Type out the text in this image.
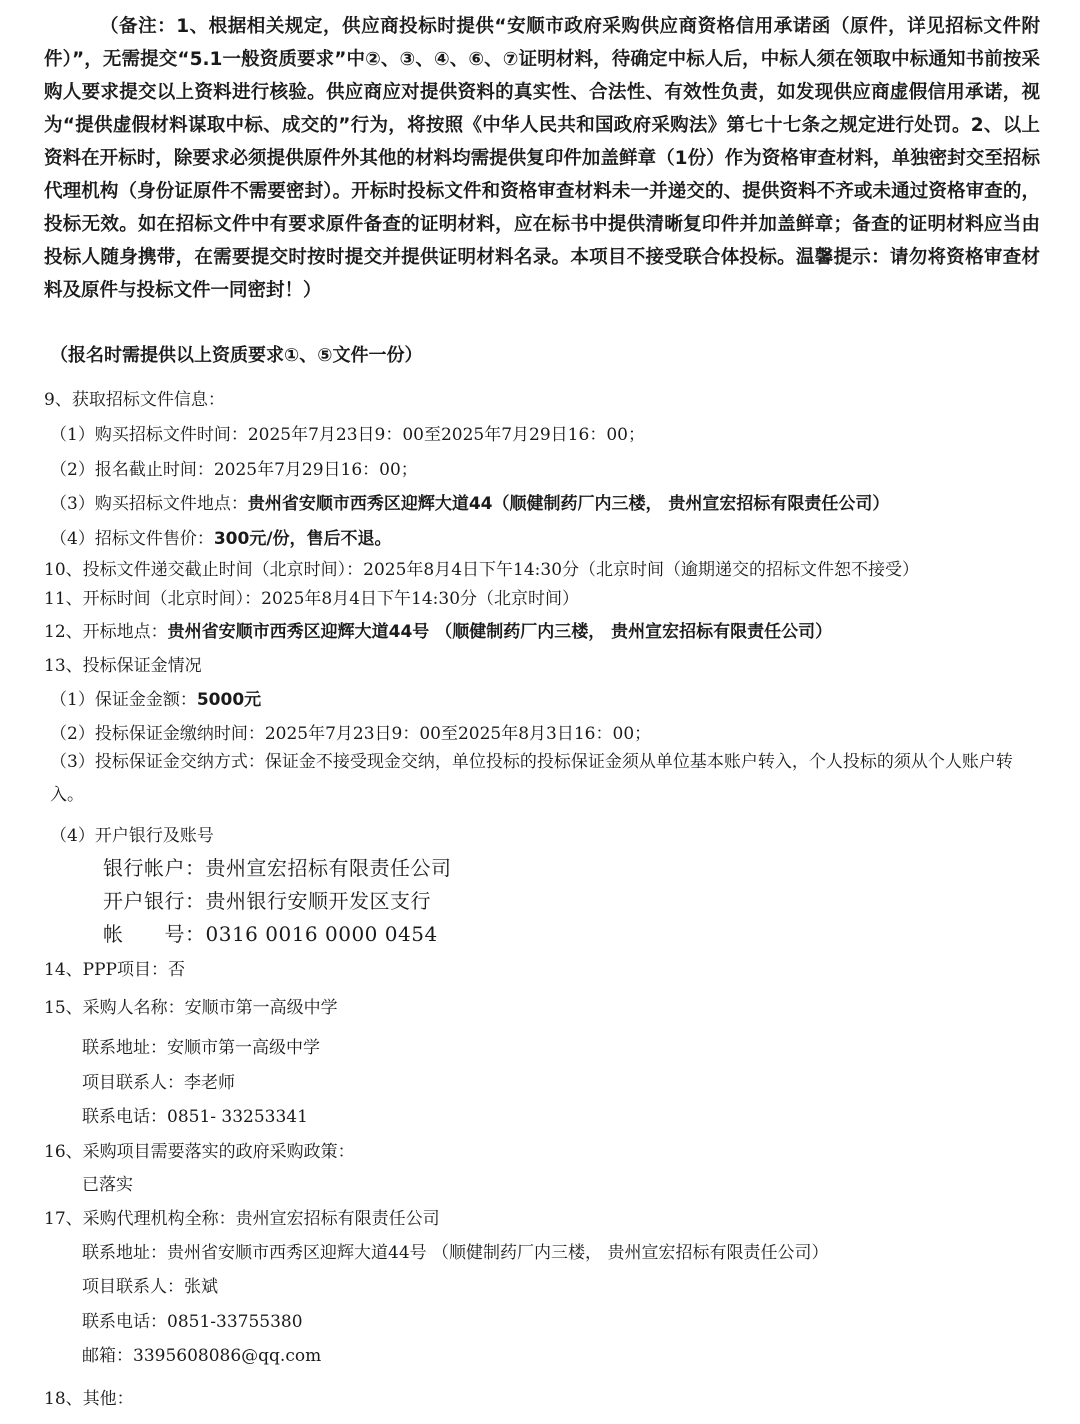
（备注：1、根据相关规定，供应商投标时提供“安顺市政府采购供应商资格信用承诺函（原件，详见招标文件附件）”，无需提交“5.1一般资质要求”中②、③、④、⑥、⑦证明材料，待确定中标人后，中标人须在领取中标通知书前按采购人要求提交以上资料进行核验。供应商应对提供资料的真实性、合法性、有效性负责，如发现供应商虚假信用承诺，视为“提供虚假材料谋取中标、成交的”行为，将按照《中华人民共和国政府采购法》第七十七条之规定进行处罚。2、以上资料在开标时，除要求必须提供原件外其他的材料均需提供复印件加盖鲜章（1份）作为资格审查材料，单独密封交至招标代理机构（身份证原件不需要密封）。开标时投标文件和资格审查材料未一并递交的、提供资料不齐或未通过资格审查的，投标无效。如在招标文件中有要求原件备查的证明材料，应在标书中提供清晰复印件并加盖鲜章；备查的证明材料应当由投标人随身携带，在需要提交时按时提交并提供证明材料名录。本项目不接受联合体投标。温馨提示：请勿将资格审查材料及原件与投标文件一同密封！）

（报名时需提供以上资质要求①、⑤文件一份）

9、获取招标文件信息：

（1）购买招标文件时间：2025年7月23日9：00至2025年7月29日16：00；

（2）报名截止时间：2025年7月29日16：00；

（3）购买招标文件地点：贵州省安顺市西秀区迎辉大道44（顺健制药厂内三楼， 贵州宣宏招标有限责任公司）

（4）招标文件售价：300元/份，售后不退。

10、投标文件递交截止时间（北京时间）：2025年8月4日下午14:30分（北京时间（逾期递交的招标文件恕不接受）

11、开标时间（北京时间）：2025年8月4日下午14:30分（北京时间）

12、开标地点：贵州省安顺市西秀区迎辉大道44号 （顺健制药厂内三楼， 贵州宣宏招标有限责任公司）

13、投标保证金情况

（1）保证金金额：5000元

（2）投标保证金缴纳时间：2025年7月23日9：00至2025年8月3日16：00；

（3）投标保证金交纳方式：保证金不接受现金交纳，单位投标的投标保证金须从单位基本账户转入，个人投标的须从个人账户转入。

（4）开户银行及账号

银行帐户：贵州宣宏招标有限责任公司

开户银行：贵州银行安顺开发区支行

帐　　号：0316 0016 0000 0454

14、PPP项目：否

15、采购人名称：安顺市第一高级中学

联系地址：安顺市第一高级中学

项目联系人：李老师

联系电话：0851- 33253341

16、采购项目需要落实的政府采购政策：

已落实

17、采购代理机构全称：贵州宣宏招标有限责任公司

联系地址：贵州省安顺市西秀区迎辉大道44号 （顺健制药厂内三楼， 贵州宣宏招标有限责任公司）

项目联系人：张斌

联系电话：0851-33755380

邮箱：3395608086@qq.com

18、其他：
